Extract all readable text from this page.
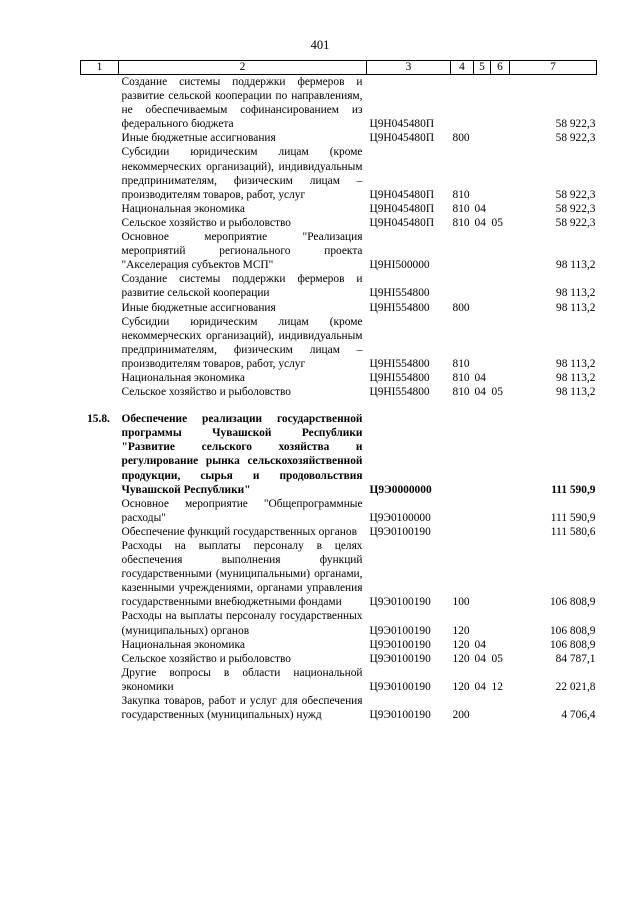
401
1	2	3	4	5	6	7
	Создание системы поддержки фермеров и развитие сельской кооперации по направлениям, не обеспечиваемым софинансированием из федерального бюджета	Ц9Н045480П				58 922,3
	Иные бюджетные ассигнования	Ц9Н045480П	800			58 922,3
	Субсидии юридическим лицам (кроме некоммерческих организаций), индивидуальным предпринимателям, физическим лицам – производителям товаров, работ, услуг	Ц9Н045480П	810			58 922,3
	Национальная экономика	Ц9Н045480П	810	04		58 922,3
	Сельское хозяйство и рыболовство	Ц9Н045480П	810	04	05	58 922,3
	Основное мероприятие "Реализация мероприятий регионального проекта "Акселерация субъектов МСП"	Ц9НI500000				98 113,2
	Создание системы поддержки фермеров и развитие сельской кооперации	Ц9НI554800				98 113,2
	Иные бюджетные ассигнования	Ц9НI554800	800			98 113,2
	Субсидии юридическим лицам (кроме некоммерческих организаций), индивидуальным предпринимателям, физическим лицам – производителям товаров, работ, услуг	Ц9НI554800	810			98 113,2
	Национальная экономика	Ц9НI554800	810	04		98 113,2
	Сельское хозяйство и рыболовство	Ц9НI554800	810	04	05	98 113,2

15.8.	Обеспечение реализации государственной программы Чувашской Республики "Развитие сельского хозяйства и регулирование рынка сельскохозяйственной продукции, сырья и продовольствия Чувашской Республики"	Ц9Э0000000				111 590,9
	Основное мероприятие "Общепрограммные расходы"	Ц9Э0100000				111 590,9
	Обеспечение функций государственных органов	Ц9Э0100190				111 580,6
	Расходы на выплаты персоналу в целях обеспечения выполнения функций государственными (муниципальными) органами, казенными учреждениями, органами управления государственными внебюджетными фондами	Ц9Э0100190	100			106 808,9
	Расходы на выплаты персоналу государственных (муниципальных) органов	Ц9Э0100190	120			106 808,9
	Национальная экономика	Ц9Э0100190	120	04		106 808,9
	Сельское хозяйство и рыболовство	Ц9Э0100190	120	04	05	84 787,1
	Другие вопросы в области национальной экономики	Ц9Э0100190	120	04	12	22 021,8
	Закупка товаров, работ и услуг для обеспечения государственных (муниципальных) нужд	Ц9Э0100190	200			4 706,4
